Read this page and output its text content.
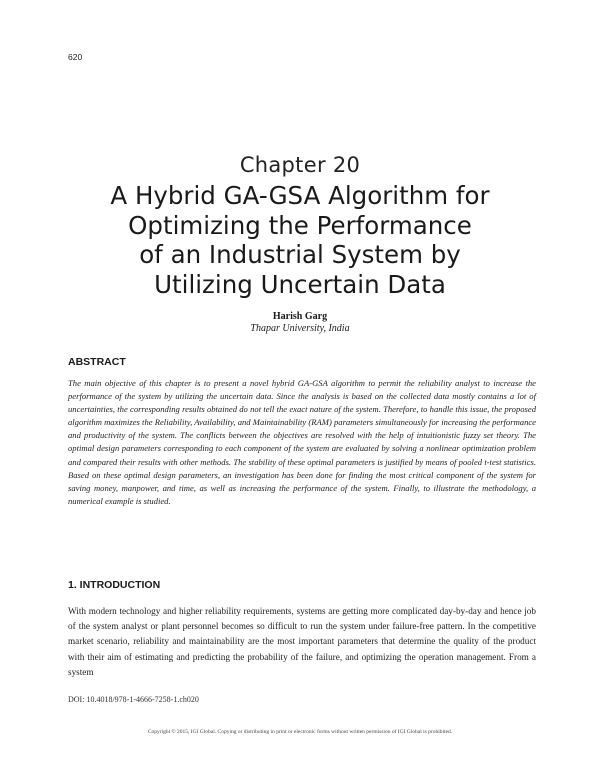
620
Chapter 20
A Hybrid GA-GSA Algorithm for
Optimizing the Performance
of an Industrial System by
Utilizing Uncertain Data
Harish Garg
Thapar University, India
ABSTRACT
The main objective of this chapter is to present a novel hybrid GA-GSA algorithm to permit the reliability analyst to increase the performance of the system by utilizing the uncertain data. Since the analysis is based on the collected data mostly contains a lot of uncertainties, the corresponding results obtained do not tell the exact nature of the system. Therefore, to handle this issue, the proposed algorithm maximizes the Reliability, Availability, and Maintainability (RAM) parameters simultaneously for increasing the performance and productivity of the system. The conflicts between the objectives are resolved with the help of intuitionistic fuzzy set theory. The optimal design parameters corresponding to each component of the system are evaluated by solving a nonlinear optimization problem and compared their results with other methods. The stability of these optimal parameters is justified by means of pooled t-test statistics. Based on these optimal design parameters, an investigation has been done for finding the most critical component of the system for saving money, manpower, and time, as well as increasing the performance of the system. Finally, to illustrate the methodology, a numerical example is studied.
1. INTRODUCTION
With modern technology and higher reliability requirements, systems are getting more complicated day-by-day and hence job of the system analyst or plant personnel becomes so difficult to run the system under failure-free pattern. In the competitive market scenario, reliability and maintainability are the most important parameters that determine the quality of the product with their aim of estimating and predicting the probability of the failure, and optimizing the operation management. From a system
DOI: 10.4018/978-1-4666-7258-1.ch020
Copyright © 2015, IGI Global. Copying or distributing in print or electronic forms without written permission of IGI Global is prohibited.
